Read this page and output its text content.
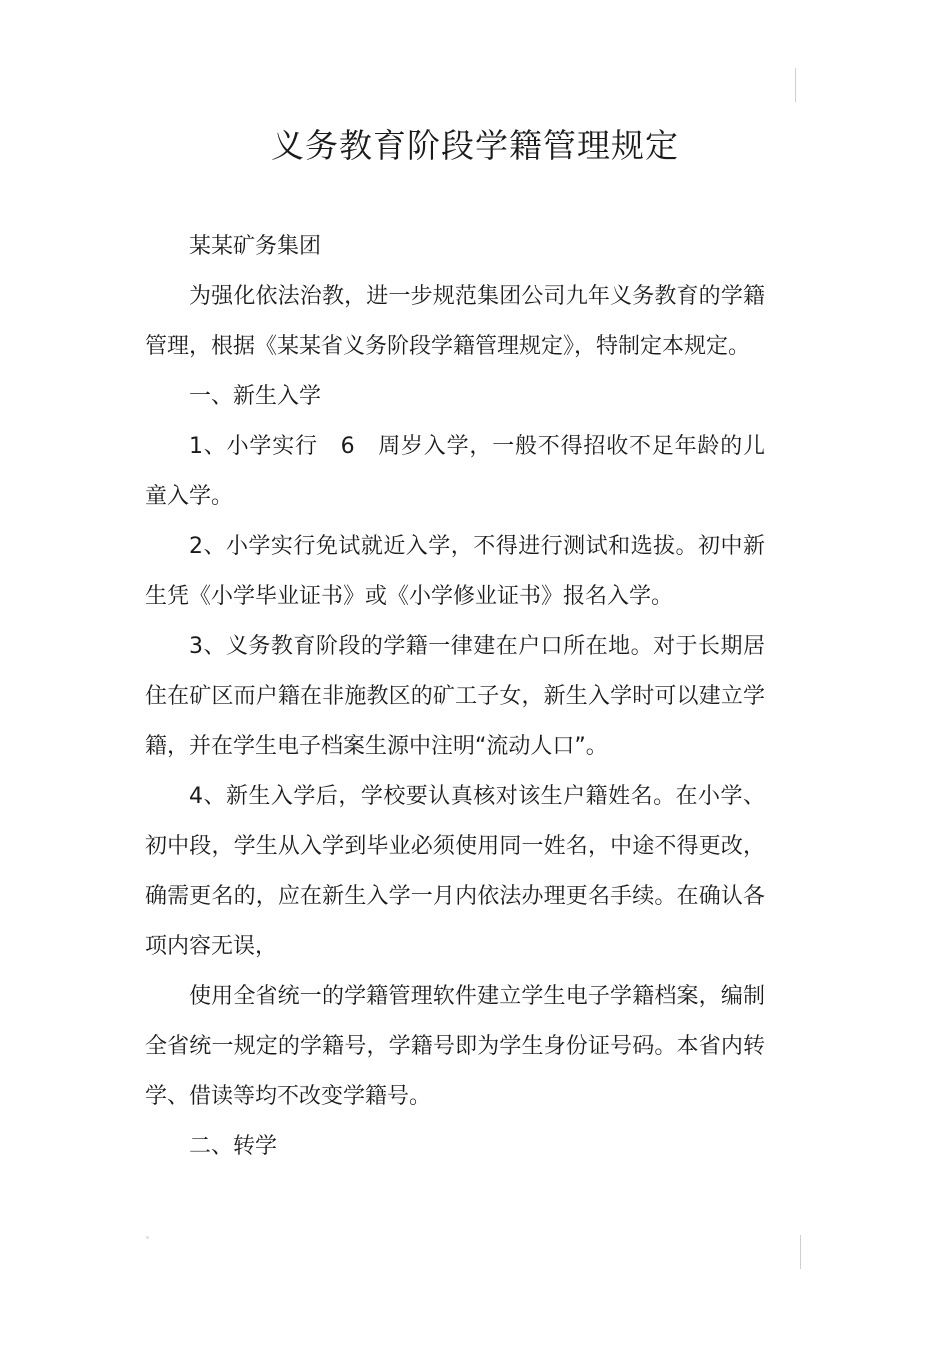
义务教育阶段学籍管理规定

某某矿务集团

为强化依法治教，进一步规范集团公司九年义务教育的学籍管理，根据《某某省义务阶段学籍管理规定》，特制定本规定。

一、新生入学

1、小学实行　6　周岁入学，一般不得招收不足年龄的儿童入学。

2、小学实行免试就近入学，不得进行测试和选拔。初中新生凭《小学毕业证书》或《小学修业证书》报名入学。

3、义务教育阶段的学籍一律建在户口所在地。对于长期居住在矿区而户籍在非施教区的矿工子女，新生入学时可以建立学籍，并在学生电子档案生源中注明“流动人口”。

4、新生入学后，学校要认真核对该生户籍姓名。在小学、初中段，学生从入学到毕业必须使用同一姓名，中途不得更改，确需更名的，应在新生入学一月内依法办理更名手续。在确认各项内容无误，

使用全省统一的学籍管理软件建立学生电子学籍档案，编制全省统一规定的学籍号，学籍号即为学生身份证号码。本省内转学、借读等均不改变学籍号。

二、转学
